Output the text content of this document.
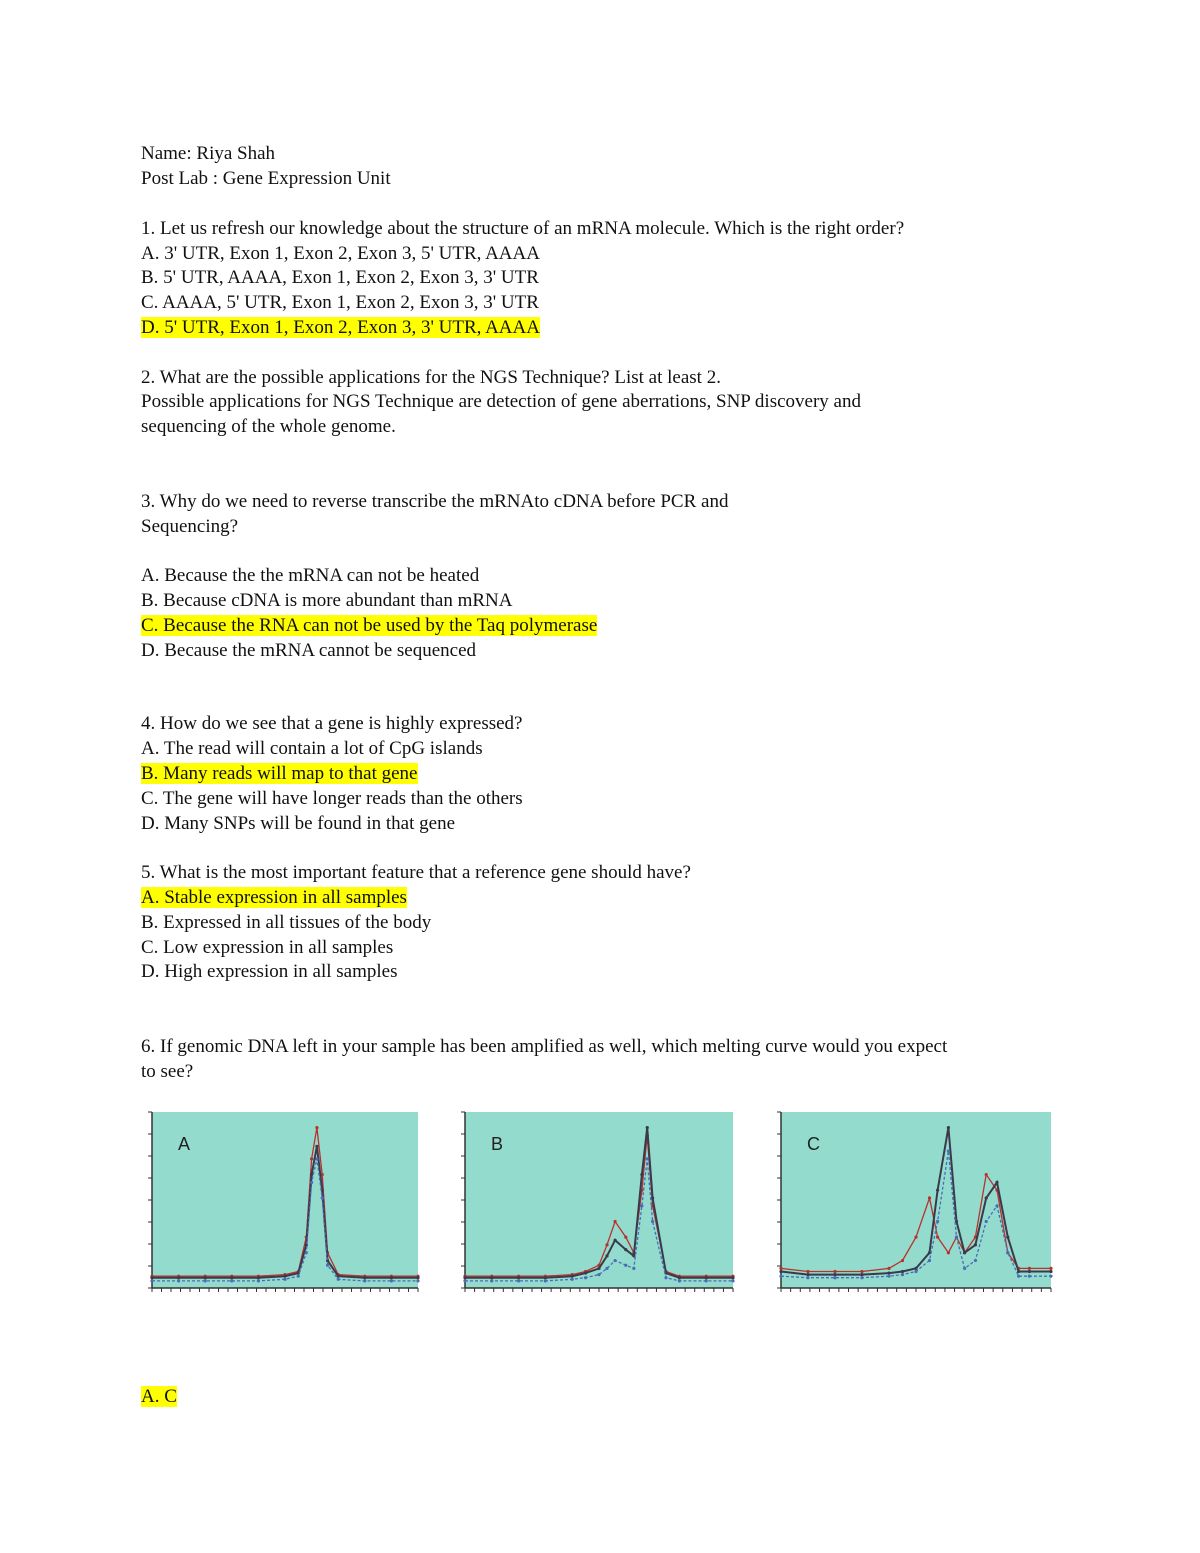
Name: Riya Shah
Post Lab : Gene Expression Unit
1. Let us refresh our knowledge about the structure of an mRNA molecule. Which is the right order?
A. 3' UTR, Exon 1, Exon 2, Exon 3, 5' UTR, AAAA
B. 5' UTR, AAAA, Exon 1, Exon 2, Exon 3, 3' UTR
C. AAAA, 5' UTR, Exon 1, Exon 2, Exon 3, 3' UTR
D. 5' UTR, Exon 1, Exon 2, Exon 3, 3' UTR, AAAA
2. What are the possible applications for the NGS Technique? List at least 2.
Possible applications for NGS Technique are detection of gene aberrations, SNP discovery and
sequencing of the whole genome.
3. Why do we need to reverse transcribe the mRNAto cDNA before PCR and
Sequencing?
A. Because the the mRNA can not be heated
B. Because cDNA is more abundant than mRNA
C. Because the RNA can not be used by the Taq polymerase
D. Because the mRNA cannot be sequenced
4. How do we see that a gene is highly expressed?
A. The read will contain a lot of CpG islands
B. Many reads will map to that gene
C. The gene will have longer reads than the others
D. Many SNPs will be found in that gene
5. What is the most important feature that a reference gene should have?
A. Stable expression in all samples
B. Expressed in all tissues of the body
C. Low expression in all samples
D. High expression in all samples
6. If genomic DNA left in your sample has been amplified as well, which melting curve would you expect
to see?
A	B	C
A. C
